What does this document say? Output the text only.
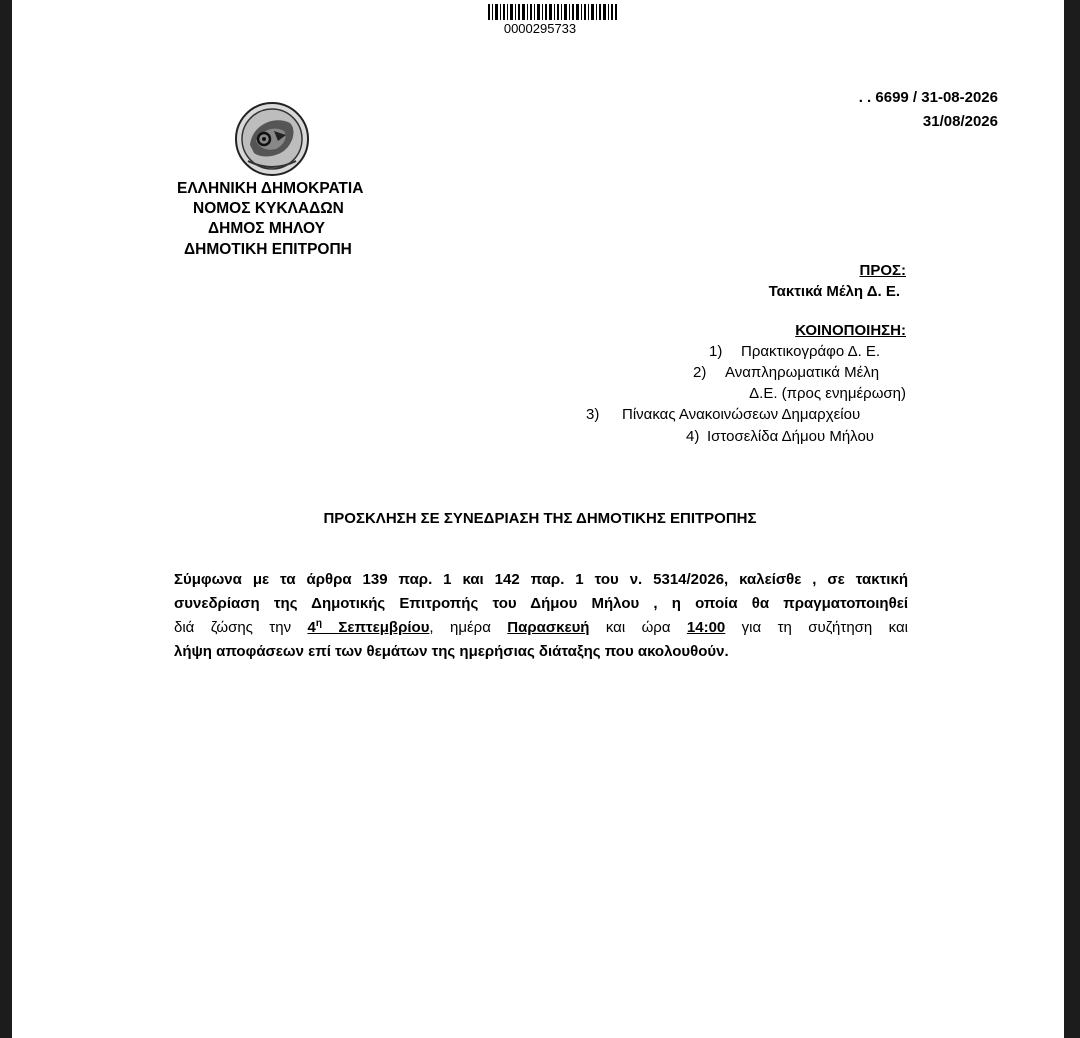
0000295733
. . 6699 / 31-08-2026
31/08/2026
ΕΛΛΗΝΙΚΗ ΔΗΜΟΚΡΑΤΙΑ
ΝΟΜΟΣ ΚΥΚΛΑΔΩΝ
ΔΗΜΟΣ ΜΗΛΟΥ
ΔΗΜΟΤΙΚΗ ΕΠΙΤΡΟΠΗ
ΠΡΟΣ:
Τακτικά Μέλη Δ. Ε.
ΚΟΙΝΟΠΟΙΗΣΗ:
1) Πρακτικογράφο Δ. Ε.
2) Αναπληρωματικά Μέλη
Δ.Ε. (προς ενημέρωση)
3) Πίνακας Ανακοινώσεων Δημαρχείου
4) Ιστοσελίδα Δήμου Μήλου
ΠΡΟΣΚΛΗΣΗ ΣΕ ΣΥΝΕΔΡΙΑΣΗ ΤΗΣ ΔΗΜΟΤΙΚΗΣ ΕΠΙΤΡΟΠΗΣ
Σύμφωνα με τα άρθρα 139 παρ. 1 και 142 παρ. 1 του ν. 5314/2026, καλείσθε , σε τακτική
συνεδρίαση της Δημοτικής Επιτροπής του Δήμου Μήλου , η οποία θα πραγματοποιηθεί
διά ζώσης την $4^\eta$ Σεπτεμβρίου, ημέρα Παρασκευή και ώρα 14:00 για τη συζήτηση και
λήψη αποφάσεων επί των θεμάτων της ημερήσιας διάταξης που ακολουθούν.
